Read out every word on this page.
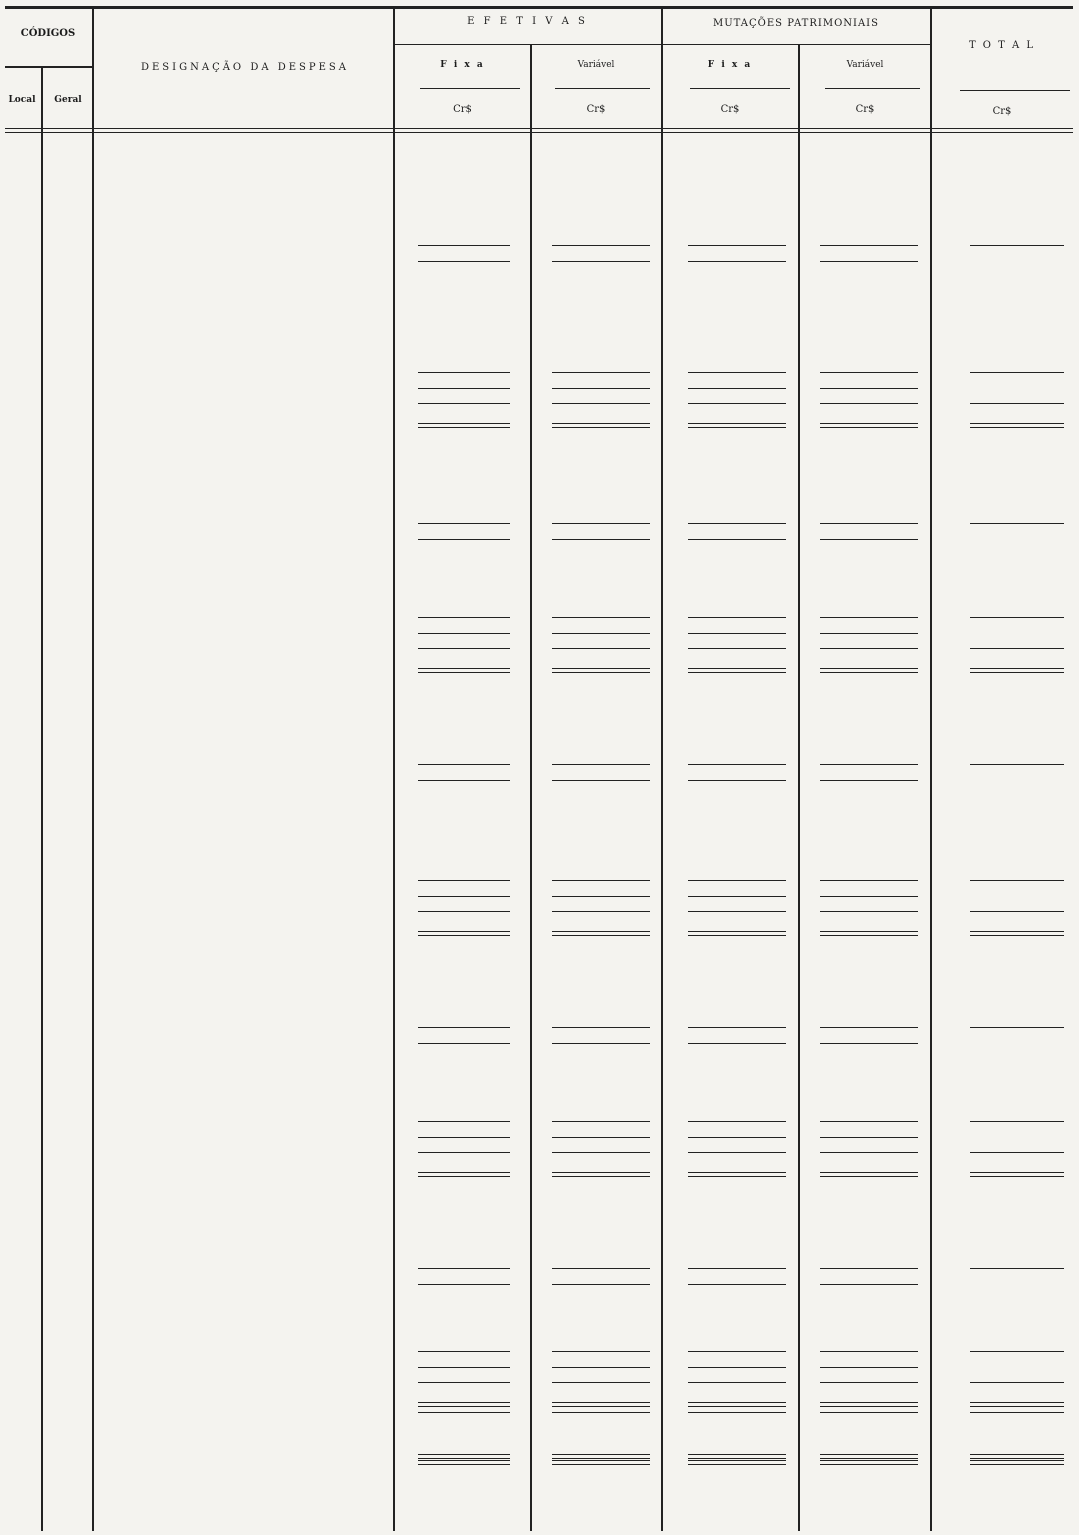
CÓDIGOS
Local	Geral
DESIGNAÇÃO DA DESPESA
E F E T I V A S	MUTAÇÕES PATRIMONIAIS
T O T A L
F i x a	Variável	F i x a	Variável
Cr$	Cr$	Cr$	Cr$	Cr$
